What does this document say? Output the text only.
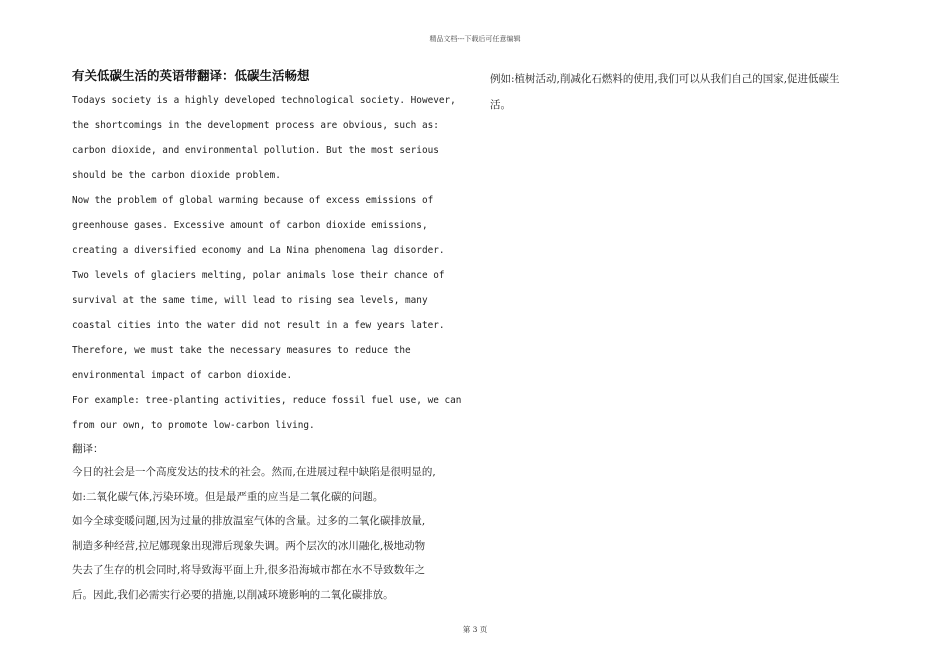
精品文档---下载后可任意编辑
有关低碳生活的英语带翻译：低碳生活畅想
Todays society is a highly developed technological society. However,
the shortcomings in the development process are obvious, such as:
carbon dioxide, and environmental pollution. But the most serious
should be the carbon dioxide problem.
Now the problem of global warming because of excess emissions of
greenhouse gases. Excessive amount of carbon dioxide emissions,
creating a diversified economy and La Nina phenomena lag disorder.
Two levels of glaciers melting, polar animals lose their chance of
survival at the same time, will lead to rising sea levels, many
coastal cities into the water did not result in a few years later.
Therefore, we must take the necessary measures to reduce the
environmental impact of carbon dioxide.
For example: tree-planting activities, reduce fossil fuel use, we can
from our own, to promote low-carbon living.
翻译：
今日的社会是一个高度发达的技术的社会。然而,在进展过程中缺陷是很明显的,
如:二氧化碳气体,污染环境。但是最严重的应当是二氧化碳的问题。
如今全球变暖问题,因为过量的排放温室气体的含量。过多的二氧化碳排放量,
制造多种经营,拉尼娜现象出现滞后现象失调。两个层次的冰川融化,极地动物
失去了生存的机会同时,将导致海平面上升,很多沿海城市都在水不导致数年之
后。因此,我们必需实行必要的措施,以削减环境影响的二氧化碳排放。
例如:植树活动,削减化石燃料的使用,我们可以从我们自己的国家,促进低碳生
活。
第 3 页
